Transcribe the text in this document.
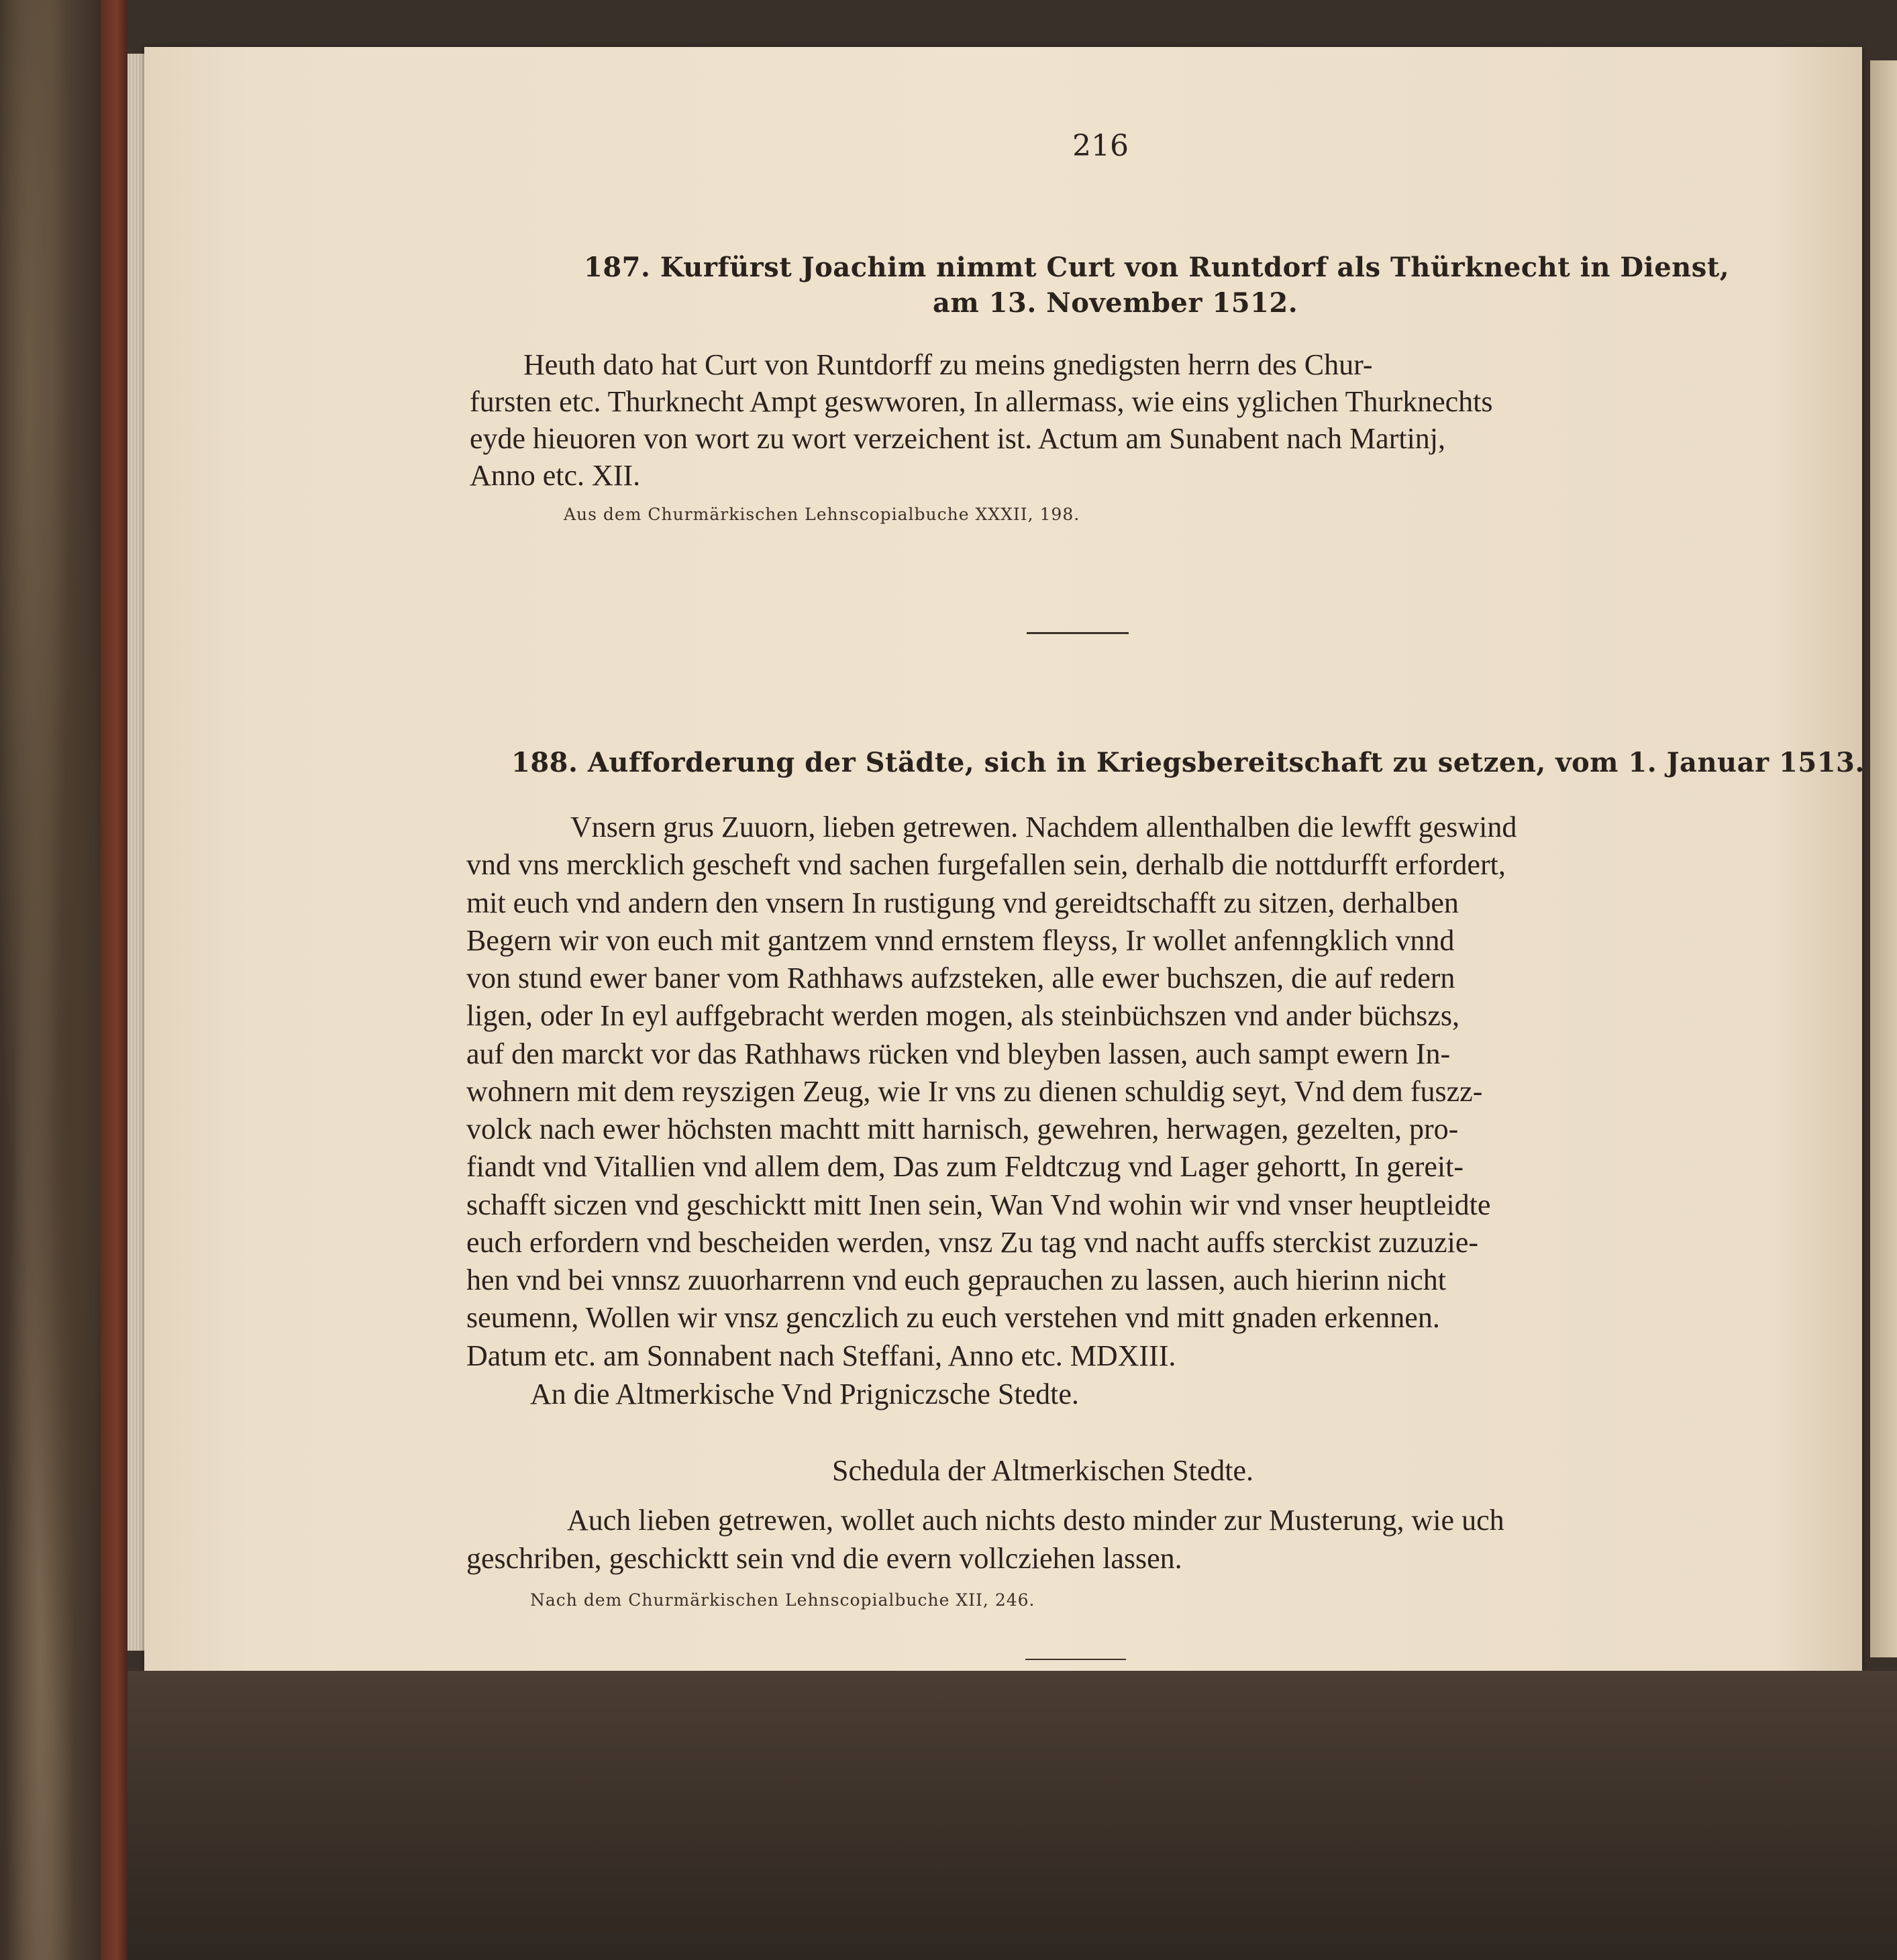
216
187. Kurfürst Joachim nimmt Curt von Runtdorf als Thürknecht in Dienst,
am 13. November 1512.
Heuth dato hat Curt von Runtdorff zu meins gnedigsten herrn des Chur-
fursten etc. Thurknecht Ampt geswworen, In allermass, wie eins yglichen Thurknechts
eyde hieuoren von wort zu wort verzeichent ist. Actum am Sunabent nach Martinj,
Anno etc. XII.
Aus dem Churmärkischen Lehnscopialbuche XXXII, 198.
188. Aufforderung der Städte, sich in Kriegsbereitschaft zu setzen, vom 1. Januar 1513.
Vnsern grus Zuuorn, lieben getrewen. Nachdem allenthalben die lewfft geswind
vnd vns mercklich gescheft vnd sachen furgefallen sein, derhalb die nottdurfft erfordert,
mit euch vnd andern den vnsern In rustigung vnd gereidtschafft zu sitzen, derhalben
Begern wir von euch mit gantzem vnnd ernstem fleyss, Ir wollet anfenngklich vnnd
von stund ewer baner vom Rathhaws aufzsteken, alle ewer buchszen, die auf redern
ligen, oder In eyl auffgebracht werden mogen, als steinbüchszen vnd ander büchszs,
auf den marckt vor das Rathhaws rücken vnd bleyben lassen, auch sampt ewern In-
wohnern mit dem reyszigen Zeug, wie Ir vns zu dienen schuldig seyt, Vnd dem fuszz-
volck nach ewer höchsten machtt mitt harnisch, gewehren, herwagen, gezelten, pro-
fiandt vnd Vitallien vnd allem dem, Das zum Feldtczug vnd Lager gehortt, In gereit-
schafft siczen vnd geschicktt mitt Inen sein, Wan Vnd wohin wir vnd vnser heuptleidte
euch erfordern vnd bescheiden werden, vnsz Zu tag vnd nacht auffs sterckist zuzuzie-
hen vnd bei vnnsz zuuorharrenn vnd euch geprauchen zu lassen, auch hierinn nicht
seumenn, Wollen wir vnsz genczlich zu euch verstehen vnd mitt gnaden erkennen.
Datum etc. am Sonnabent nach Steffani, Anno etc. MDXIII.
An die Altmerkische Vnd Prigniczsche Stedte.
Schedula der Altmerkischen Stedte.
Auch lieben getrewen, wollet auch nichts desto minder zur Musterung, wie uch
geschriben, geschicktt sein vnd die evern vollcziehen lassen.
Nach dem Churmärkischen Lehnscopialbuche XII, 246.
